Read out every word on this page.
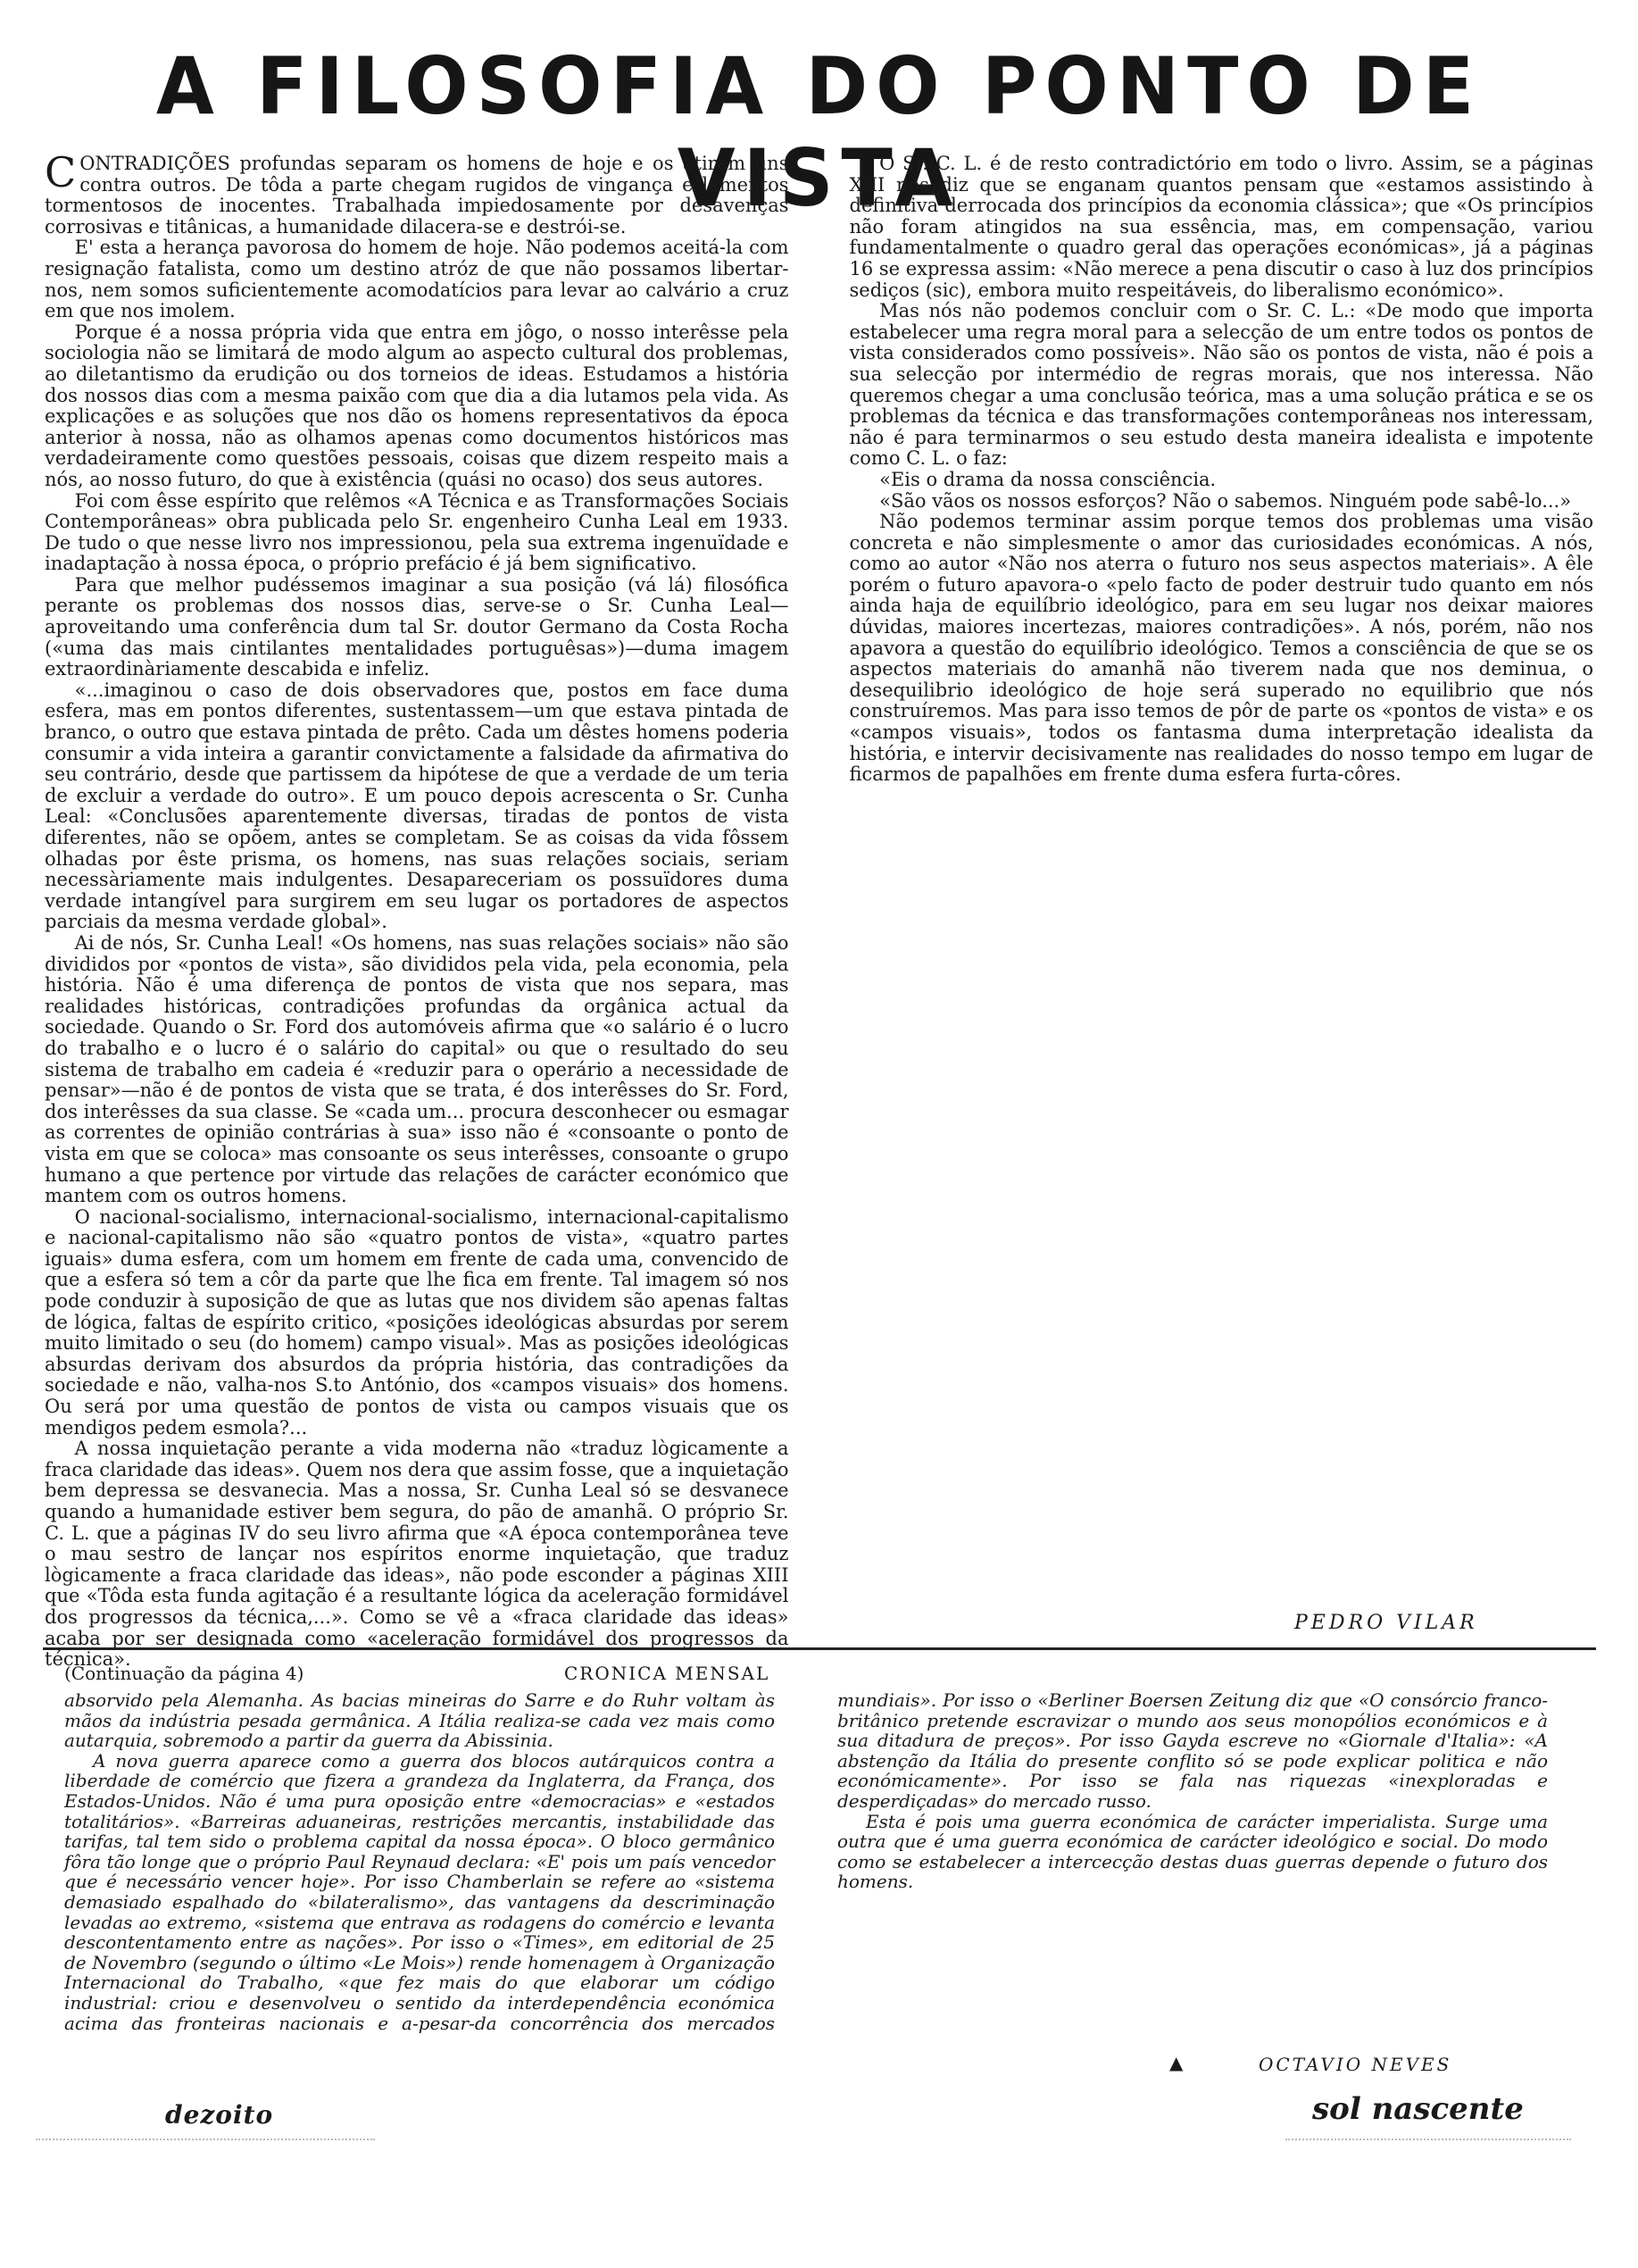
A FILOSOFIA DO PONTO DE VISTA

CONTRADIÇÕES profundas separam os homens de hoje e os atiram uns contra outros. De tôda a parte chegam rugidos de vingança e lamentos tormentosos de inocentes. Trabalhada impiedosamente por desavenças corrosivas e titânicas, a humanidade dilacera-se e destrói-se.

E' esta a herança pavorosa do homem de hoje. Não podemos aceitá-la com resignação fatalista, como um destino atróz de que não possamos libertar-nos, nem somos suficientemente acomodatícios para levar ao calvário a cruz em que nos imolem.

Porque é a nossa própria vida que entra em jôgo, o nosso interêsse pela sociologia não se limitará de modo algum ao aspecto cultural dos problemas, ao diletantismo da erudição ou dos torneios de ideas. Estudamos a história dos nossos dias com a mesma paixão com que dia a dia lutamos pela vida. As explicações e as soluções que nos dão os homens representativos da época anterior à nossa, não as olhamos apenas como documentos históricos mas verdadeiramente como questões pessoais, coisas que dizem respeito mais a nós, ao nosso futuro, do que à existência (quási no ocaso) dos seus autores.

Foi com êsse espírito que relêmos «A Técnica e as Transformações Sociais Contemporâneas» obra publicada pelo Sr. engenheiro Cunha Leal em 1933. De tudo o que nesse livro nos impressionou, pela sua extrema ingenuïdade e inadaptação à nossa época, o próprio prefácio é já bem significativo.

Para que melhor pudéssemos imaginar a sua posição (vá lá) filosófica perante os problemas dos nossos dias, serve-se o Sr. Cunha Leal—aproveitando uma conferência dum tal Sr. doutor Germano da Costa Rocha («uma das mais cintilantes mentalidades portuguêsas»)—duma imagem extraordinàriamente descabida e infeliz.

«...imaginou o caso de dois observadores que, postos em face duma esfera, mas em pontos diferentes, sustentassem—um que estava pintada de branco, o outro que estava pintada de prêto. Cada um dêstes homens poderia consumir a vida inteira a garantir convictamente a falsidade da afirmativa do seu contrário, desde que partissem da hipótese de que a verdade de um teria de excluir a verdade do outro». E um pouco depois acrescenta o Sr. Cunha Leal: «Conclusões aparentemente diversas, tiradas de pontos de vista diferentes, não se opõem, antes se completam. Se as coisas da vida fôssem olhadas por êste prisma, os homens, nas suas relações sociais, seriam necessàriamente mais indulgentes. Desapareceriam os possuïdores duma verdade intangível para surgirem em seu lugar os portadores de aspectos parciais da mesma verdade global».

Ai de nós, Sr. Cunha Leal! «Os homens, nas suas relações sociais» não são divididos por «pontos de vista», são divididos pela vida, pela economia, pela história. Não é uma diferença de pontos de vista que nos separa, mas realidades históricas, contradições profundas da orgânica actual da sociedade. Quando o Sr. Ford dos automóveis afirma que «o salário é o lucro do trabalho e o lucro é o salário do capital» ou que o resultado do seu sistema de trabalho em cadeia é «reduzir para o operário a necessidade de pensar»—não é de pontos de vista que se trata, é dos interêsses do Sr. Ford, dos interêsses da sua classe. Se «cada um... procura desconhecer ou esmagar as correntes de opinião contrárias à sua» isso não é «consoante o ponto de vista em que se coloca» mas consoante os seus interêsses, consoante o grupo humano a que pertence por virtude das relações de carácter económico que mantem com os outros homens.

O nacional-socialismo, internacional-socialismo, internacional-capitalismo e nacional-capitalismo não são «quatro pontos de vista», «quatro partes iguais» duma esfera, com um homem em frente de cada uma, convencido de que a esfera só tem a côr da parte que lhe fica em frente. Tal imagem só nos pode conduzir à suposição de que as lutas que nos dividem são apenas faltas de lógica, faltas de espírito critico, «posições ideológicas absurdas por serem muito limitado o seu (do homem) campo visual». Mas as posições ideológicas absurdas derivam dos absurdos da própria história, das contradições da sociedade e não, valha-nos S.to António, dos «campos visuais» dos homens. Ou será por uma questão de pontos de vista ou campos visuais que os mendigos pedem esmola?...

A nossa inquietação perante a vida moderna não «traduz lògicamente a fraca claridade das ideas». Quem nos dera que assim fosse, que a inquietação bem depressa se desvanecia. Mas a nossa, Sr. Cunha Leal só se desvanece quando a humanidade estiver bem segura, do pão de amanhã. O próprio Sr. C. L. que a páginas IV do seu livro afirma que «A época contemporânea teve o mau sestro de lançar nos espíritos enorme inquietação, que traduz lògicamente a fraca claridade das ideas», não pode esconder a páginas XIII que «Tôda esta funda agitação é a resultante lógica da aceleração formidável dos progressos da técnica,...». Como se vê a «fraca claridade das ideas» acaba por ser designada como «aceleração formidável dos progressos da técnica».

O Sr. C. L. é de resto contradictório em todo o livro. Assim, se a páginas XIII nos diz que se enganam quantos pensam que «estamos assistindo à definitiva derrocada dos princípios da economia clássica»; que «Os princípios não foram atingidos na sua essência, mas, em compensação, variou fundamentalmente o quadro geral das operações económicas», já a páginas 16 se expressa assim: «Não merece a pena discutir o caso à luz dos princípios sediços (sic), embora muito respeitáveis, do liberalismo económico».

Mas nós não podemos concluir com o Sr. C. L.: «De modo que importa estabelecer uma regra moral para a selecção de um entre todos os pontos de vista considerados como possíveis». Não são os pontos de vista, não é pois a sua selecção por intermédio de regras morais, que nos interessa. Não queremos chegar a uma conclusão teórica, mas a uma solução prática e se os problemas da técnica e das transformações contemporâneas nos interessam, não é para terminarmos o seu estudo desta maneira idealista e impotente como C. L. o faz:

«Eis o drama da nossa consciência.

«São vãos os nossos esforços? Não o sabemos. Ninguém pode sabê-lo...»

Não podemos terminar assim porque temos dos problemas uma visão concreta e não simplesmente o amor das curiosidades económicas. A nós, como ao autor «Não nos aterra o futuro nos seus aspectos materiais». A êle porém o futuro apavora-o «pelo facto de poder destruir tudo quanto em nós ainda haja de equilíbrio ideológico, para em seu lugar nos deixar maiores dúvidas, maiores incertezas, maiores contradições». A nós, porém, não nos apavora a questão do equilíbrio ideológico. Temos a consciência de que se os aspectos materiais do amanhã não tiverem nada que nos deminua, o desequilibrio ideológico de hoje será superado no equilibrio que nós construíremos. Mas para isso temos de pôr de parte os «pontos de vista» e os «campos visuais», todos os fantasma duma interpretação idealista da história, e intervir decisivamente nas realidades do nosso tempo em lugar de ficarmos de papalhões em frente duma esfera furta-côres.

PEDRO VILAR
(Continuação da página 4)	CRONICA MENSAL

absorvido pela Alemanha. As bacias mineiras do Sarre e do Ruhr voltam às mãos da indústria pesada germânica. A Itália realiza-se cada vez mais como autarquia, sobremodo a partir da guerra da Abissinia.

A nova guerra aparece como a guerra dos blocos autárquicos contra a liberdade de comércio que fizera a grandeza da Inglaterra, da França, dos Estados-Unidos. Não é uma pura oposição entre «democracias» e «estados totalitários». «Barreiras aduaneiras, restrições mercantis, instabilidade das tarifas, tal tem sido o problema capital da nossa época». O bloco germânico fôra tão longe que o próprio Paul Reynaud declara: «E' pois um país vencedor que é necessário vencer hoje». Por isso Chamberlain se refere ao «sistema demasiado espalhado do «bilateralismo», das vantagens da descriminação levadas ao extremo, «sistema que entrava as rodagens do comércio e levanta descontentamento entre as nações». Por isso o «Times», em editorial de 25 de Novembro (segundo o último «Le Mois») rende homenagem à Organização Internacional do Trabalho, «que fez mais do que elaborar um código industrial: criou e desenvolveu o sentido da interdependência económica acima das fronteiras nacionais e a-pesar-da concorrência dos mercados mundiais». Por isso o «Berliner Boersen Zeitung diz que «O consórcio franco-britânico pretende escravizar o mundo aos seus monopólios económicos e à sua ditadura de preços». Por isso Gayda escreve no «Giornale d'Italia»: «A abstenção da Itália do presente conflito só se pode explicar politica e não económicamente». Por isso se fala nas riquezas «inexploradas e desperdiçadas» do mercado russo.

Esta é pois uma guerra económica de carácter imperialista. Surge uma outra que é uma guerra económica de carácter ideológico e social. Do modo como se estabelecer a intercecção destas duas guerras depende o futuro dos homens.

▲	OCTAVIO NEVES
dezoito	sol nascente
